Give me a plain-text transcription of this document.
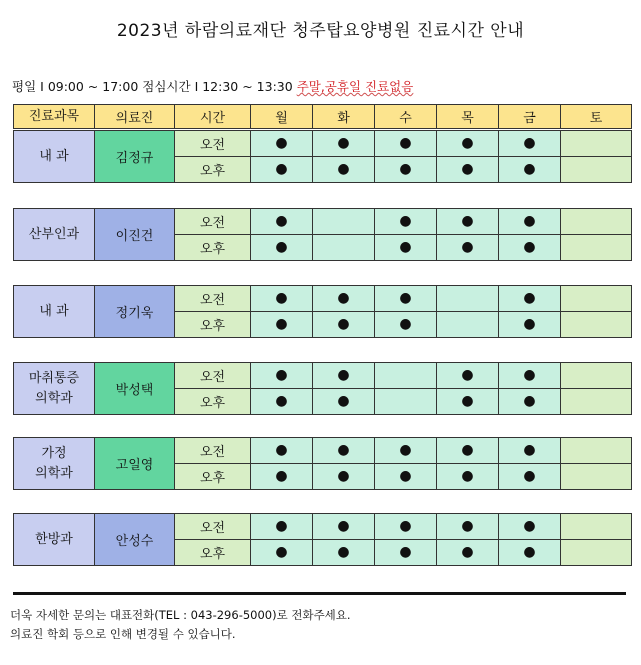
2023년 하람의료재단 청주탑요양병원 진료시간 안내
평일 I 09:00 ~ 17:00 점심시간 I 12:30 ~ 13:30 주말,공휴일 진료없음
진료과목	의료진	시간	월	화	수	목	금	토
내 과	김정규	오전	●	●	●	●	●	
		오후	●	●	●	●	●	
산부인과	이진건	오전	●		●	●	●	
		오후	●		●	●	●	
내 과	정기욱	오전	●	●	●		●	
		오후	●	●	●		●	
마취통증
의학과	박성택	오전	●	●		●	●	
		오후	●	●		●	●	
가정
의학과	고일영	오전	●	●	●	●	●	
		오후	●	●	●	●	●	
한방과	안성수	오전	●	●	●	●	●	
		오후	●	●	●	●	●	
더욱 자세한 문의는 대표전화(TEL : 043-296-5000)로 전화주세요.
의료진 학회 등으로 인해 변경될 수 있습니다.
